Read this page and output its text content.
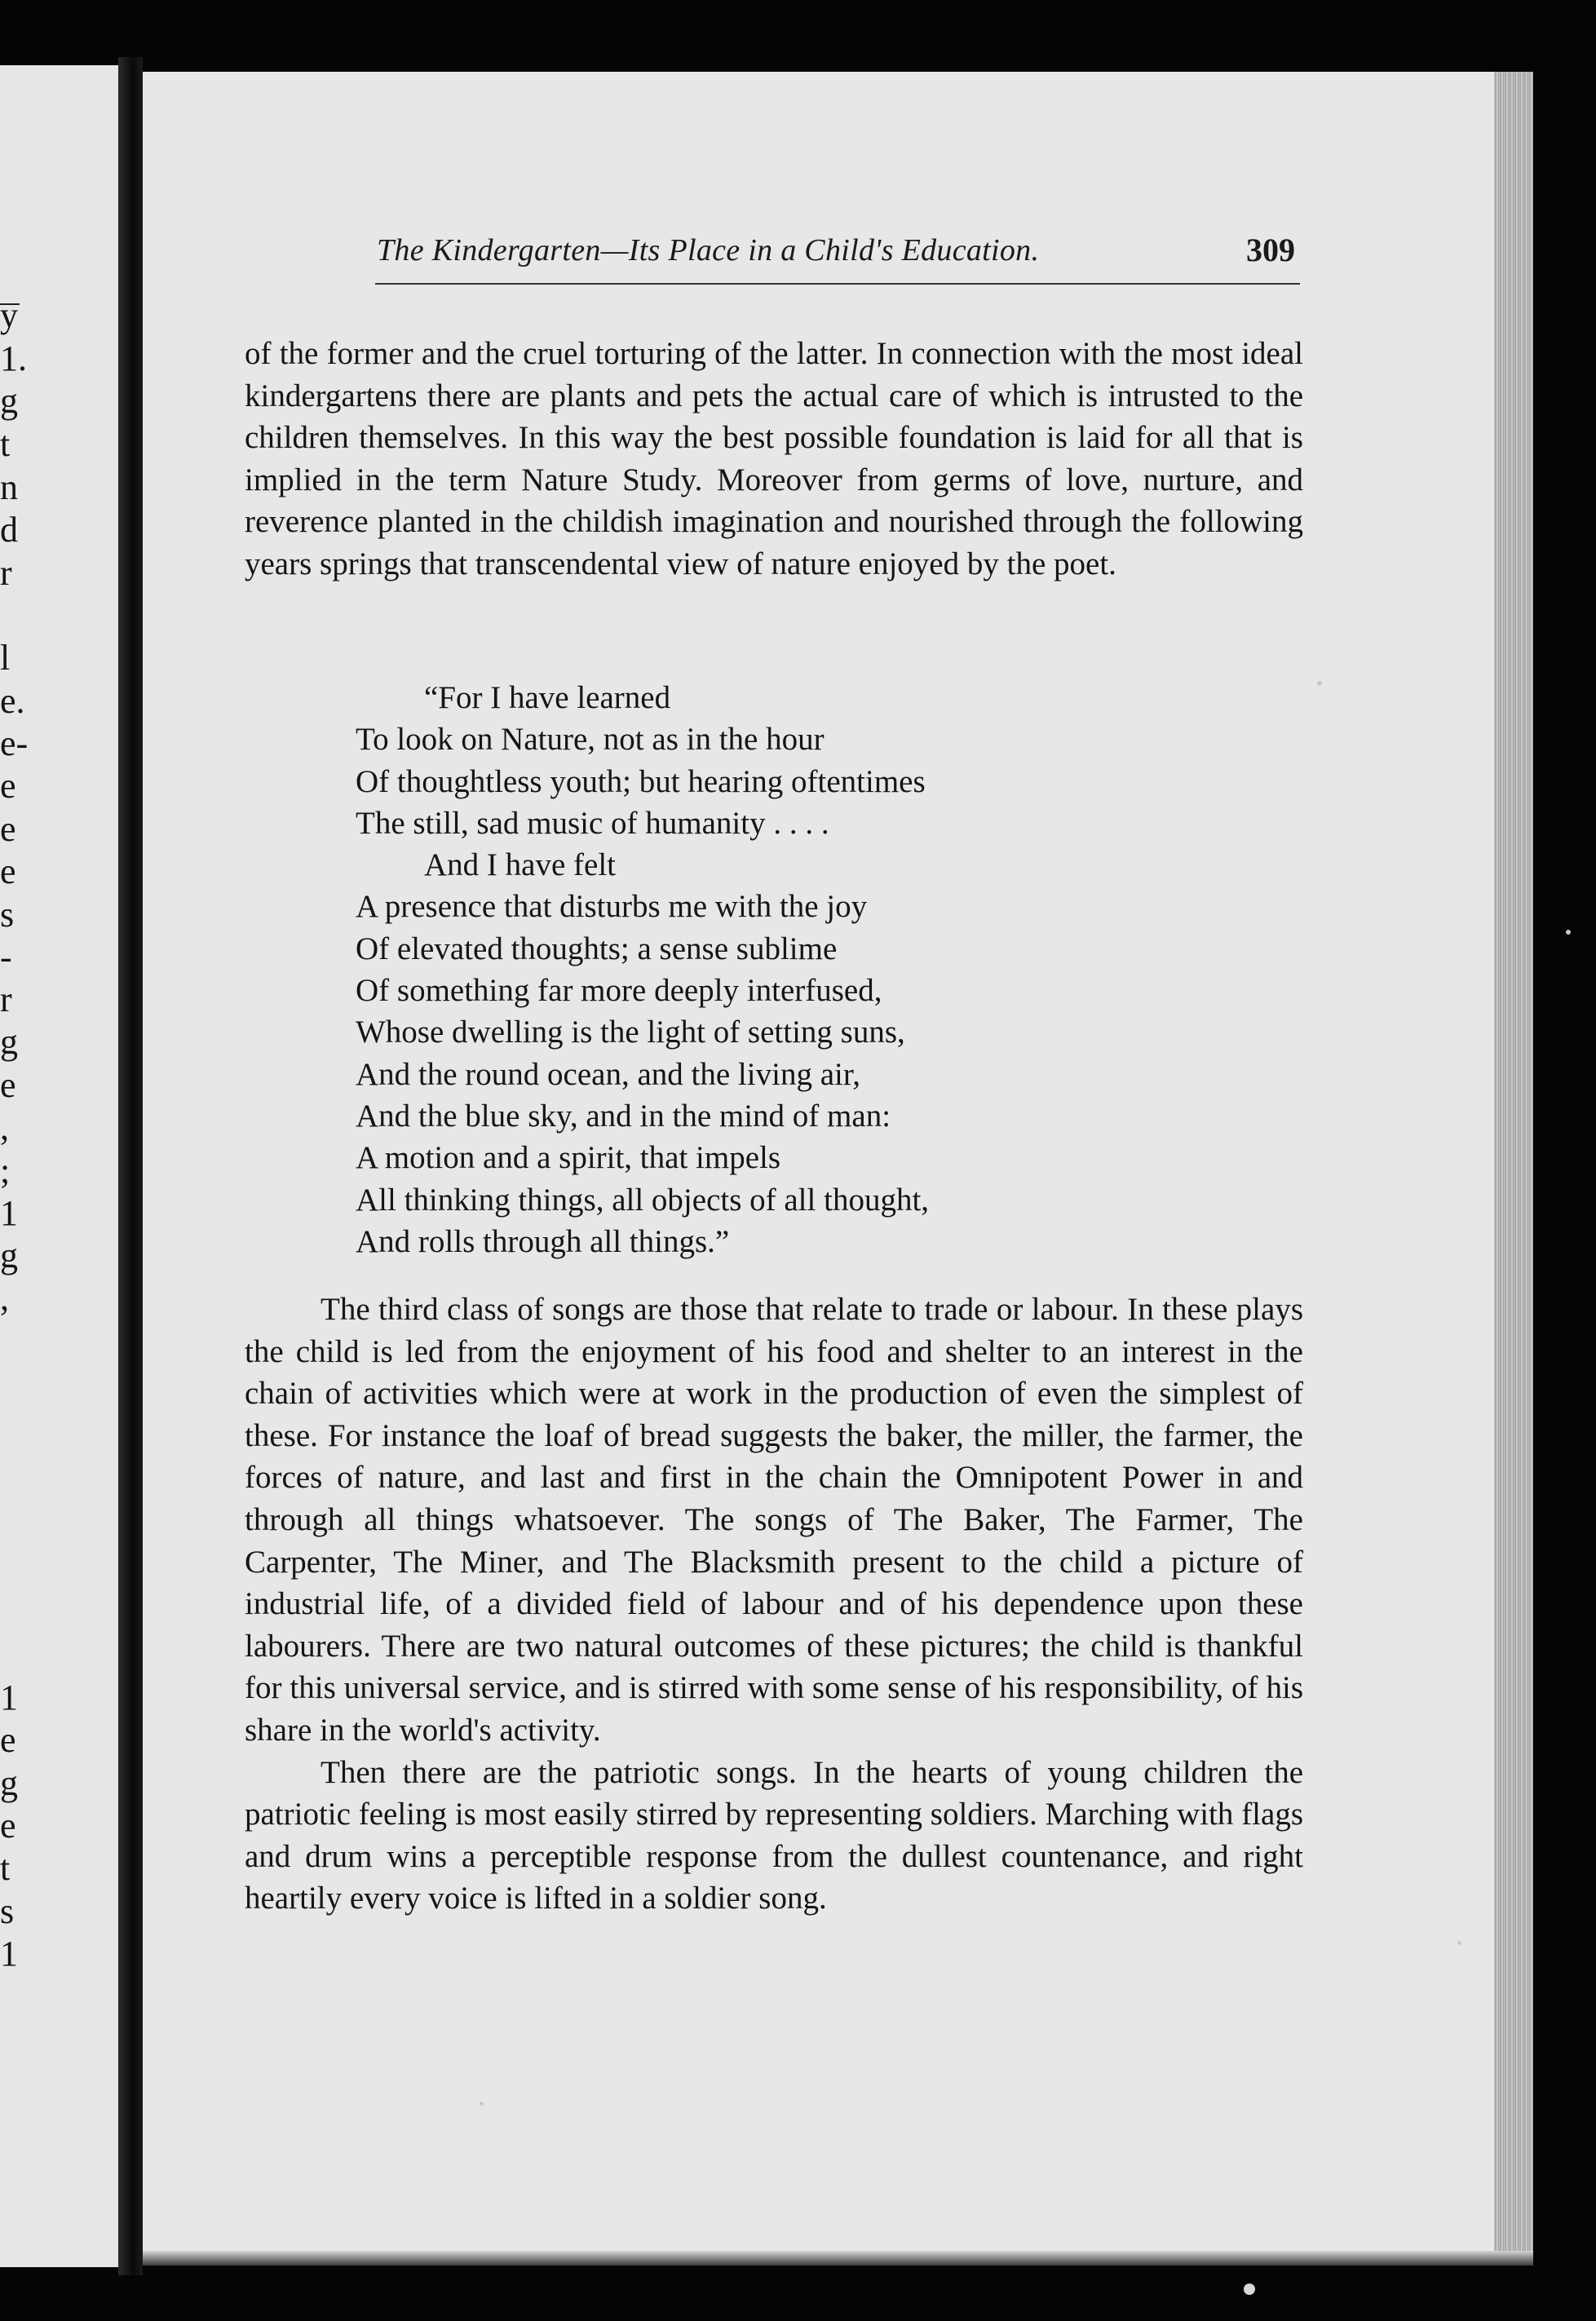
y
1.
g
t
n
d
r
l
e.
e-
e
e
e
s
-
r
g
e
,
;
1
g
,
1
e
g
e
t
s
1
The Kindergarten—Its Place in a Child's Education.	309

of the former and the cruel torturing of the latter. In connection with the most ideal kindergartens there are plants and pets the actual care of which is intrusted to the children themselves. In this way the best possible foundation is laid for all that is implied in the term Nature Study. Moreover from germs of love, nurture, and reverence planted in the childish imagination and nourished through the following years springs that transcendental view of nature enjoyed by the poet.

“For I have learned
To look on Nature, not as in the hour
Of thoughtless youth; but hearing oftentimes
The still, sad music of humanity . . . .
And I have felt
A presence that disturbs me with the joy
Of elevated thoughts; a sense sublime
Of something far more deeply interfused,
Whose dwelling is the light of setting suns,
And the round ocean, and the living air,
And the blue sky, and in the mind of man:
A motion and a spirit, that impels
All thinking things, all objects of all thought,
And rolls through all things.”

The third class of songs are those that relate to trade or labour. In these plays the child is led from the enjoyment of his food and shelter to an interest in the chain of activities which were at work in the production of even the simplest of these. For instance the loaf of bread suggests the baker, the miller, the farmer, the forces of nature, and last and first in the chain the Omnipotent Power in and through all things whatsoever. The songs of The Baker, The Farmer, The Carpenter, The Miner, and The Blacksmith present to the child a picture of industrial life, of a divided field of labour and of his dependence upon these labourers. There are two natural outcomes of these pictures; the child is thankful for this universal service, and is stirred with some sense of his responsibility, of his share in the world's activity.

Then there are the patriotic songs. In the hearts of young children the patriotic feeling is most easily stirred by representing soldiers. Marching with flags and drum wins a perceptible response from the dullest countenance, and right heartily every voice is lifted in a soldier song.
